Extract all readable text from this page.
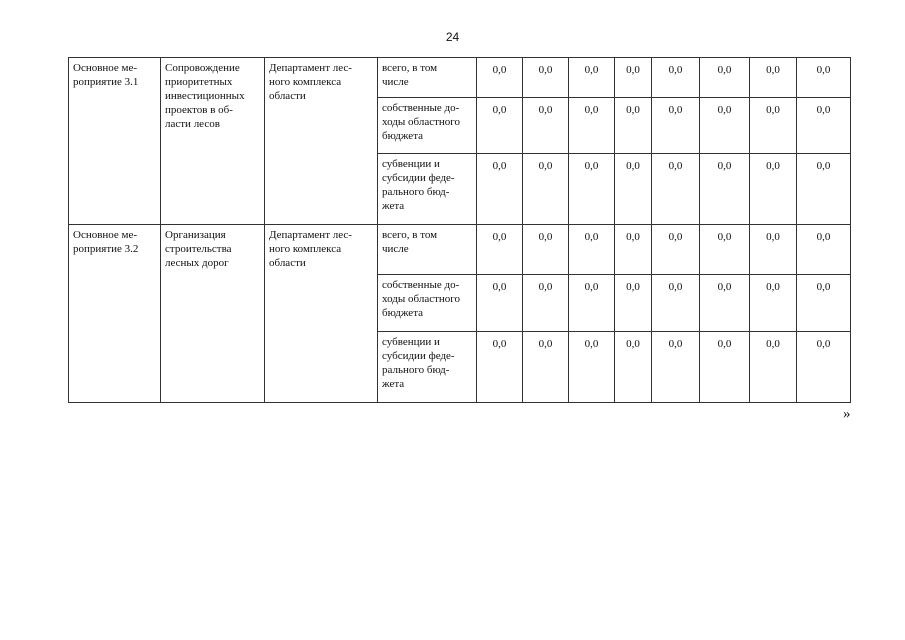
24
Основное ме-
роприятие 3.1	Сопровождение
приоритетных
инвестиционных
проектов в об-
ласти лесов	Департамент лес-
ного комплекса
области	всего, в том
числе	0,0	0,0	0,0	0,0	0,0	0,0	0,0	0,0
			собственные до-
ходы областного
бюджета	0,0	0,0	0,0	0,0	0,0	0,0	0,0	0,0
			субвенции и
субсидии феде-
рального бюд-
жета	0,0	0,0	0,0	0,0	0,0	0,0	0,0	0,0
Основное ме-
роприятие 3.2	Организация
строительства
лесных дорог	Департамент лес-
ного комплекса
области	всего, в том
числе	0,0	0,0	0,0	0,0	0,0	0,0	0,0	0,0
			собственные до-
ходы областного
бюджета	0,0	0,0	0,0	0,0	0,0	0,0	0,0	0,0
			субвенции и
субсидии феде-
рального бюд-
жета	0,0	0,0	0,0	0,0	0,0	0,0	0,0	0,0
»
